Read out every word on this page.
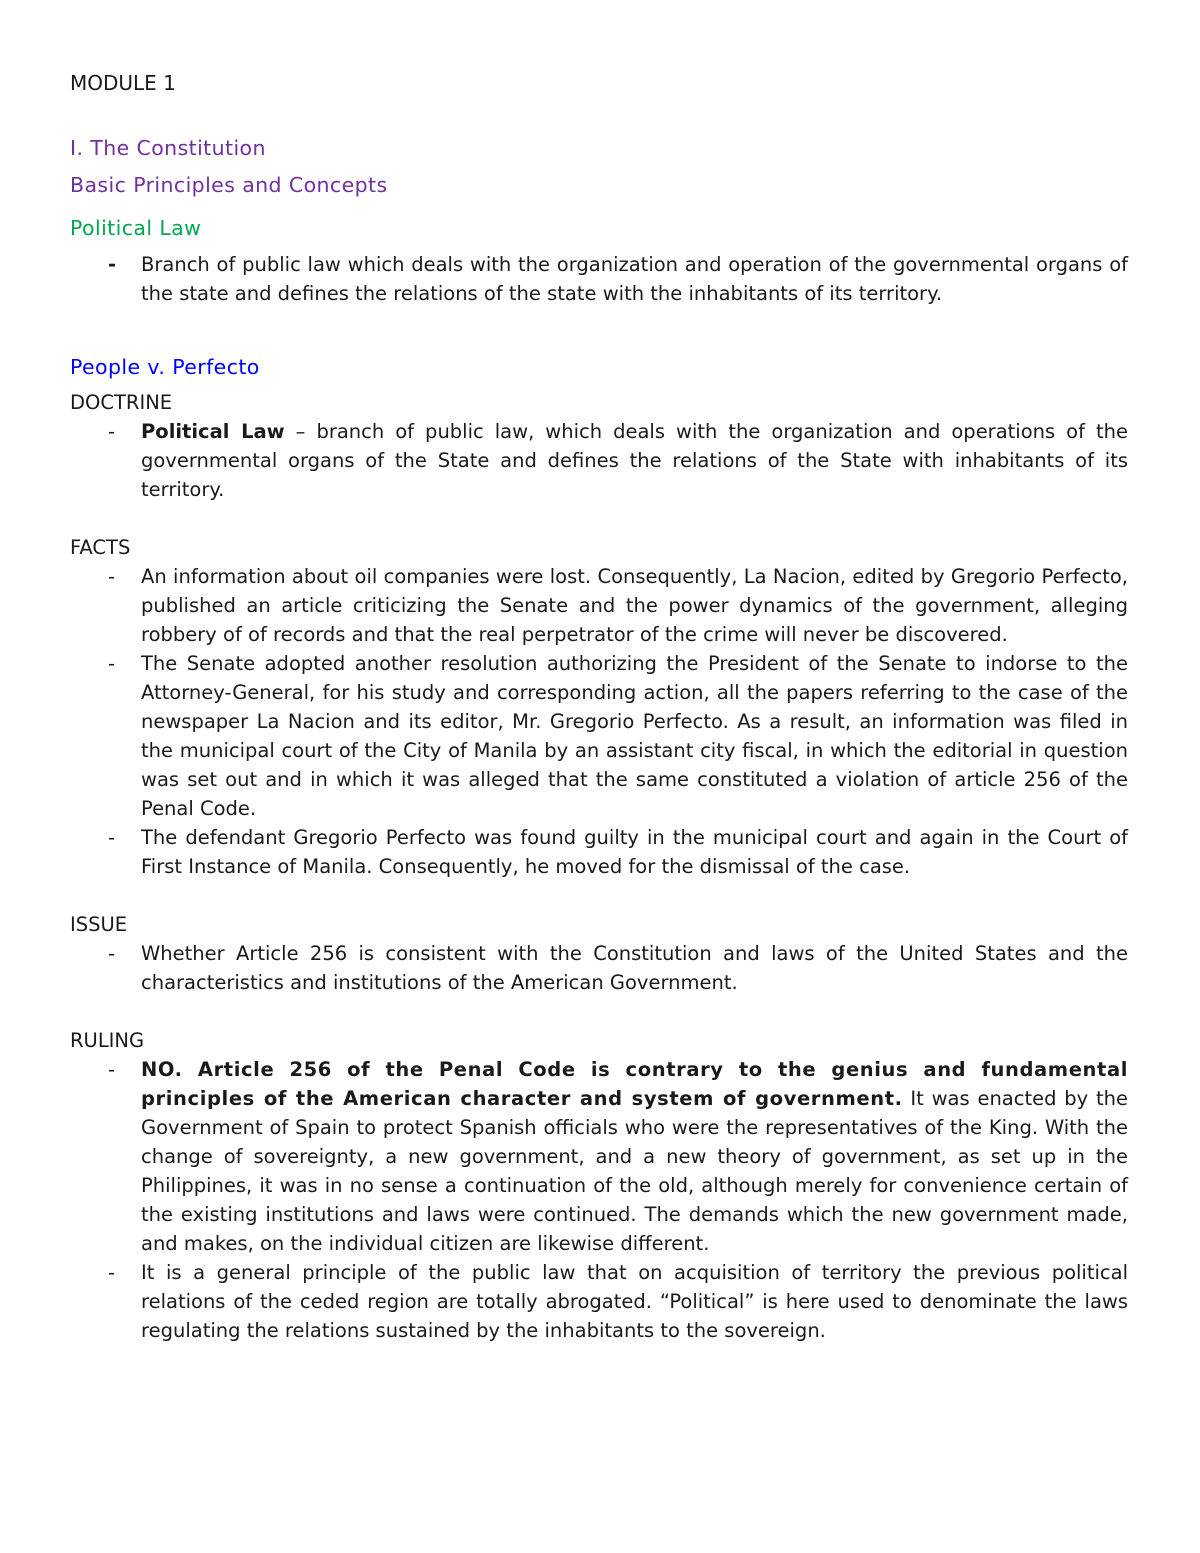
MODULE 1
I. The Constitution
Basic Principles and Concepts
Political Law
- Branch of public law which deals with the organization and operation of the governmental organs of the state and defines the relations of the state with the inhabitants of its territory.
People v. Perfecto

DOCTRINE

- Political Law – branch of public law, which deals with the organization and operations of the governmental organs of the State and defines the relations of the State with inhabitants of its territory.

FACTS

- An information about oil companies were lost. Consequently, La Nacion, edited by Gregorio Perfecto, published an article criticizing the Senate and the power dynamics of the government, alleging robbery of of records and that the real perpetrator of the crime will never be discovered.
- The Senate adopted another resolution authorizing the President of the Senate to indorse to the Attorney-General, for his study and corresponding action, all the papers referring to the case of the newspaper La Nacion and its editor, Mr. Gregorio Perfecto. As a result, an information was filed in the municipal court of the City of Manila by an assistant city fiscal, in which the editorial in question was set out and in which it was alleged that the same constituted a violation of article 256 of the Penal Code.
- The defendant Gregorio Perfecto was found guilty in the municipal court and again in the Court of First Instance of Manila. Consequently, he moved for the dismissal of the case.

ISSUE

- Whether Article 256 is consistent with the Constitution and laws of the United States and the characteristics and institutions of the American Government.

RULING

- NO. Article 256 of the Penal Code is contrary to the genius and fundamental principles of the American character and system of government. It was enacted by the Government of Spain to protect Spanish officials who were the representatives of the King. With the change of sovereignty, a new government, and a new theory of government, as set up in the Philippines, it was in no sense a continuation of the old, although merely for convenience certain of the existing institutions and laws were continued. The demands which the new government made, and makes, on the individual citizen are likewise different.
- It is a general principle of the public law that on acquisition of territory the previous political relations of the ceded region are totally abrogated. “Political” is here used to denominate the laws regulating the relations sustained by the inhabitants to the sovereign.
